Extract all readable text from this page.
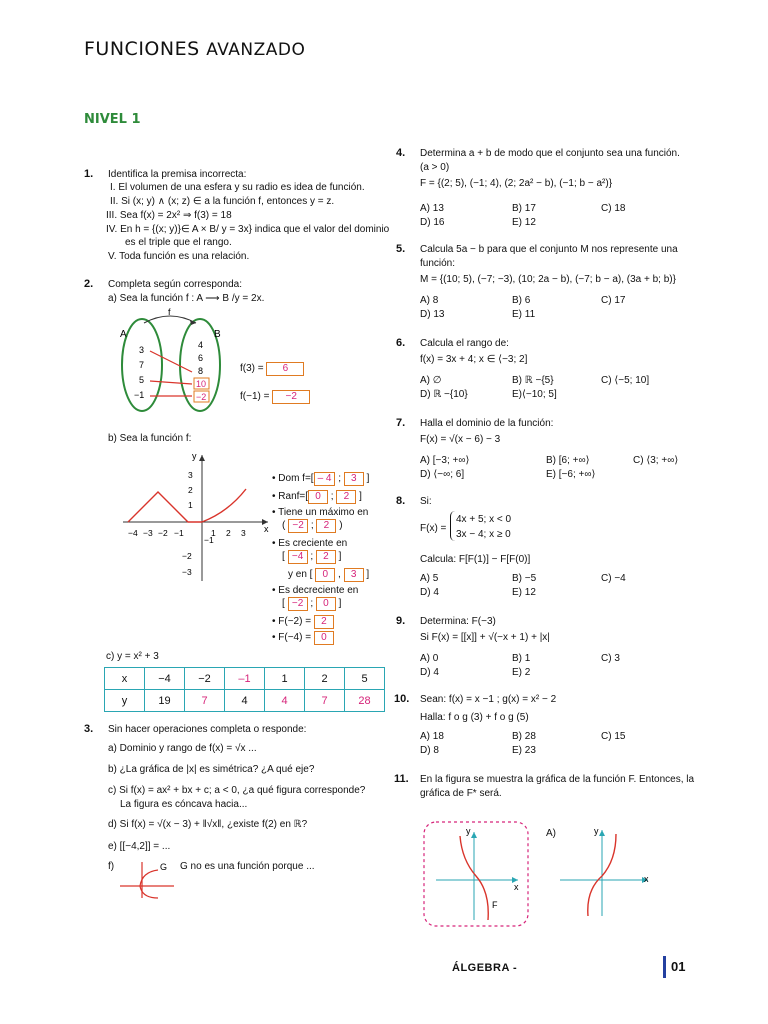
FUNCIONES AVANZADO
NIVEL 1
1. Identifica la premisa incorrecta:
I. El volumen de una esfera y su radio es idea de función.
II. Si (x; y) ∧ (x; z) ∈ a la función f, entonces y = z.
III. Sea f(x) = 2x² ⇒ f(3) = 18
IV. En h = {(x; y)}∈ A × B/ y = 3x} indica que el valor del dominio
es el triple que el rango.
V. Toda función es una relación.
2. Completa según corresponda:
a) Sea la función f : A ⟶ B /y = 2x.
f
A	B
3
7
5
−1
4
6
8
10
−2
f(3) = 6
f(−1) = −2
b) Sea la función f:
y
x
−4 −3 −2 −1	1 2 3
3
2
1
−1
−2
−3
• Dom f=[ – 4 ; 3 ]
• Ranf=[ 0 ; 2 ]
• Tiene un máximo en
( −2 ; 2 )
• Es creciente en
[ −4 ; 2 ]
y en [ 0 , 3 ]
• Es decreciente en
[ −2 ; 0 ]
• F(−2) = 2
• F(−4) = 0
c) y = x² + 3
x	−4	−2	–1	1	2	5
y	19	7	4	4	7	28
3. Sin hacer operaciones completa o responde:
a) Dominio y rango de f(x) = √x ...
b) ¿La gráfica de |x| es simétrica? ¿A qué eje?
c) Si f(x) = ax² + bx + c; a < 0, ¿a qué figura corresponde?
La figura es cóncava hacia...
d) Si f(x) = √(x − 3) + ‖√x‖, ¿existe f(2) en ℝ?
e) [[−4,2]] = ...
f)	G G no es una función porque ...
4. Determina a + b de modo que el conjunto sea una función.
(a > 0)
F = {(2; 5), (−1; 4), (2; 2a² − b), (−1; b − a²)}
A) 13	B) 17	C) 18
D) 16	E) 12
5. Calcula 5a − b para que el conjunto M nos represente una
función:
M = {(10; 5), (−7; −3), (10; 2a − b), (−7; b − a), (3a + b; b)}
A) 8	B) 6	C) 17
D) 13	E) 11
6. Calcula el rango de:
f(x) = 3x + 4; x ∈ ⟨−3; 2]
A) ∅	B) ℝ −{5}	C) ⟨−5; 10]
D) ℝ −{10}	E)⟨−10; 5]
7. Halla el dominio de la función:
F(x) = √(x − 6) − 3
A) [−3; +∞⟩	B) [6; +∞⟩	C) ⟨3; +∞⟩
D) ⟨−∞; 6]	E) [−6; +∞⟩
8. Si:
F(x) =
4x + 5; x < 0
3x − 4; x ≥ 0
Calcula: F[F(1)] − F[F(0)]
A) 5	B) −5	C) −4
D) 4	E) 12
9. Determina: F(−3)
Si F(x) = [[x]] + √(−x + 1) + |x|
A) 0	B) 1	C) 3
D) 4	E) 2
10. Sean: f(x) = x −1 ; g(x) = x² − 2
Halla: f o g (3) + f o g (5)
A) 18	B) 28	C) 15
D) 8	E) 23
11. En la figura se muestra la gráfica de la función F. Entonces, la
gráfica de F* será.
y
x
F
A)	y
x
ÁLGEBRA -	01
